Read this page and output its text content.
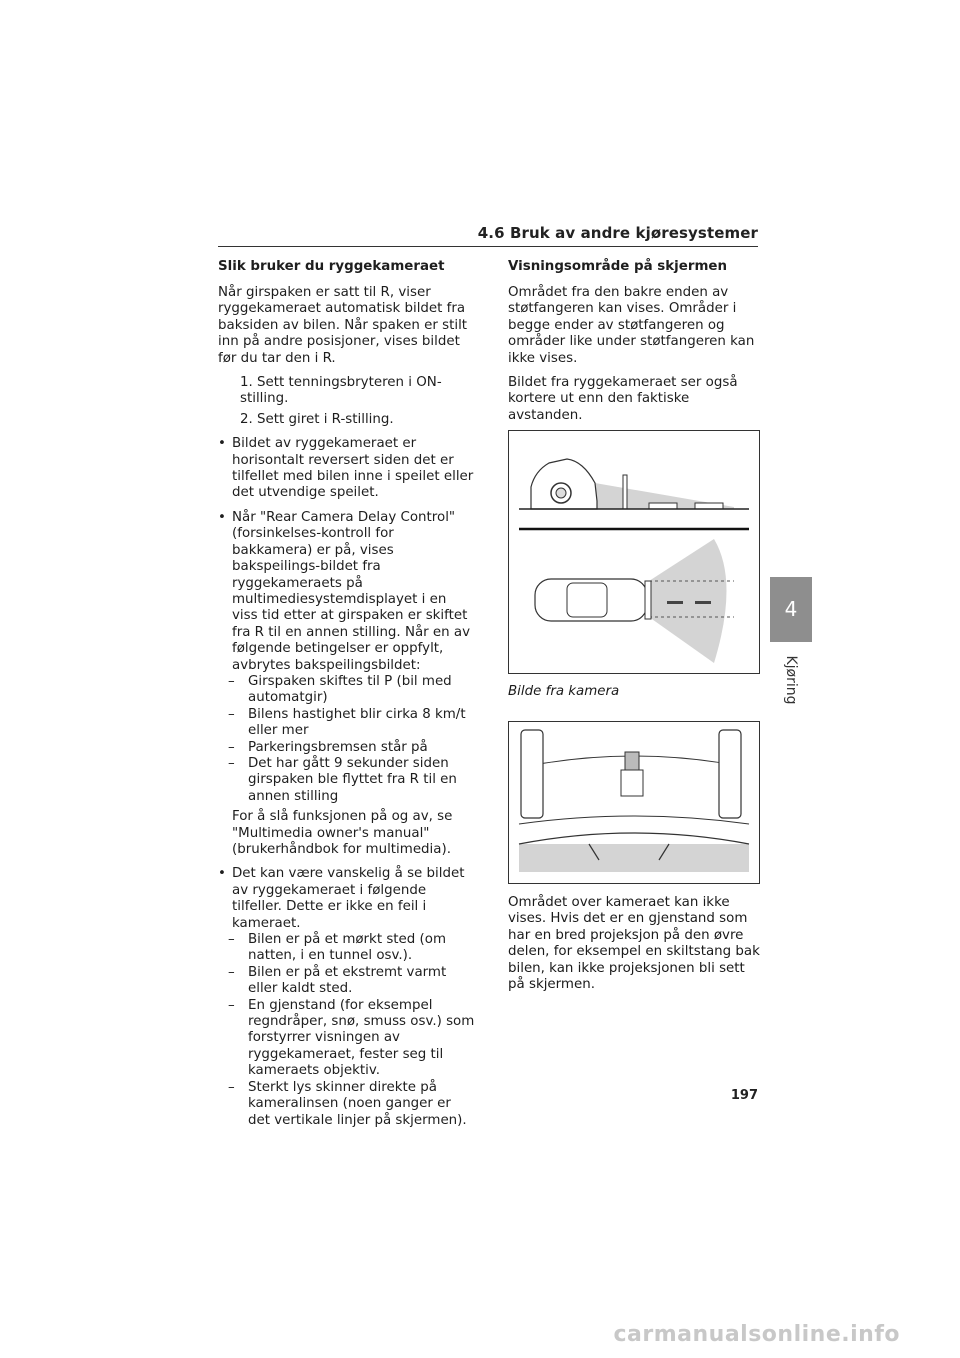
4.6 Bruk av andre kjøresystemer
4
Kjøring
Slik bruker du ryggekameraet

Når girspaken er satt til R, viser ryggekameraet automatisk bildet fra baksiden av bilen. Når spaken er stilt inn på andre posisjoner, vises bildet før du tar den i R.

1. Sett tenningsbryteren i ON-stilling.
2. Sett giret i R-stilling.
• Bildet av ryggekameraet er horisontalt reversert siden det er tilfellet med bilen inne i speilet eller det utvendige speilet.
• Når "Rear Camera Delay Control" (forsinkelses-kontroll for bakkamera) er på, vises bakspeilings-bildet fra ryggekameraets på multimediesystemdisplayet i en viss tid etter at girspaken er skiftet fra R til en annen stilling. Når en av følgende betingelser er oppfylt, avbrytes bakspeilingsbildet:
– Girspaken skiftes til P (bil med automatgir)
– Bilens hastighet blir cirka 8 km/t eller mer
– Parkeringsbremsen står på
– Det har gått 9 sekunder siden girspaken ble flyttet fra R til en annen stilling
For å slå funksjonen på og av, se "Multimedia owner's manual" (brukerhåndbok for multimedia).
• Det kan være vanskelig å se bildet av ryggekameraet i følgende tilfeller. Dette er ikke en feil i kameraet.
– Bilen er på et mørkt sted (om natten, i en tunnel osv.).
– Bilen er på et ekstremt varmt eller kaldt sted.
– En gjenstand (for eksempel regndråper, snø, smuss osv.) som forstyrrer visningen av ryggekameraet, fester seg til kameraets objektiv.
– Sterkt lys skinner direkte på kameralinsen (noen ganger er det vertikale linjer på skjermen).
Visningsområde på skjermen

Området fra den bakre enden av støtfangeren kan vises. Områder i begge ender av støtfangeren og områder like under støtfangeren kan ikke vises.

Bildet fra ryggekameraet ser også kortere ut enn den faktiske avstanden.

Bilde fra kamera
Området over kameraet kan ikke vises. Hvis det er en gjenstand som har en bred projeksjon på den øvre delen, for eksempel en skiltstang bak bilen, kan ikke projeksjonen bli sett på skjermen.
197
carmanualsonline.info
